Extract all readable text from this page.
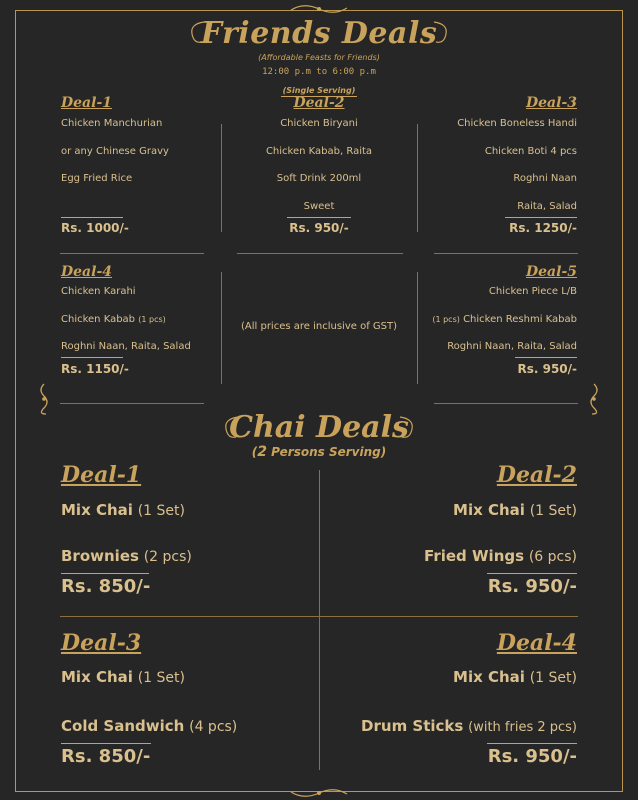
Friends Deals
(Affordable Feasts for Friends)
12:00 p.m to 6:00 p.m
(Single Serving)
Deal-1
Chicken Manchurian
or any Chinese Gravy
Egg Fried Rice
Rs. 1000/-
Deal-2
Chicken Biryani
Chicken Kabab, Raita
Soft Drink 200ml
Sweet
Rs. 950/-
Deal-3
Chicken Boneless Handi
Chicken Boti 4 pcs
Roghni Naan
Raita, Salad
Rs. 1250/-
Deal-4
Chicken Karahi
Chicken Kabab (1 pcs)
Roghni Naan, Raita, Salad
Rs. 1150/-
(All prices are inclusive of GST)
Deal-5
Chicken Piece L/B
(1 pcs) Chicken Reshmi Kabab
Roghni Naan, Raita, Salad
Rs. 950/-
Chai Deals
(2 Persons Serving)
Deal-1
Mix Chai (1 Set)
Brownies (2 pcs)
Rs. 850/-
Deal-2
Mix Chai (1 Set)
Fried Wings (6 pcs)
Rs. 950/-
Deal-3
Mix Chai (1 Set)
Cold Sandwich (4 pcs)
Rs. 850/-
Deal-4
Mix Chai (1 Set)
Drum Sticks (with fries 2 pcs)
Rs. 950/-
